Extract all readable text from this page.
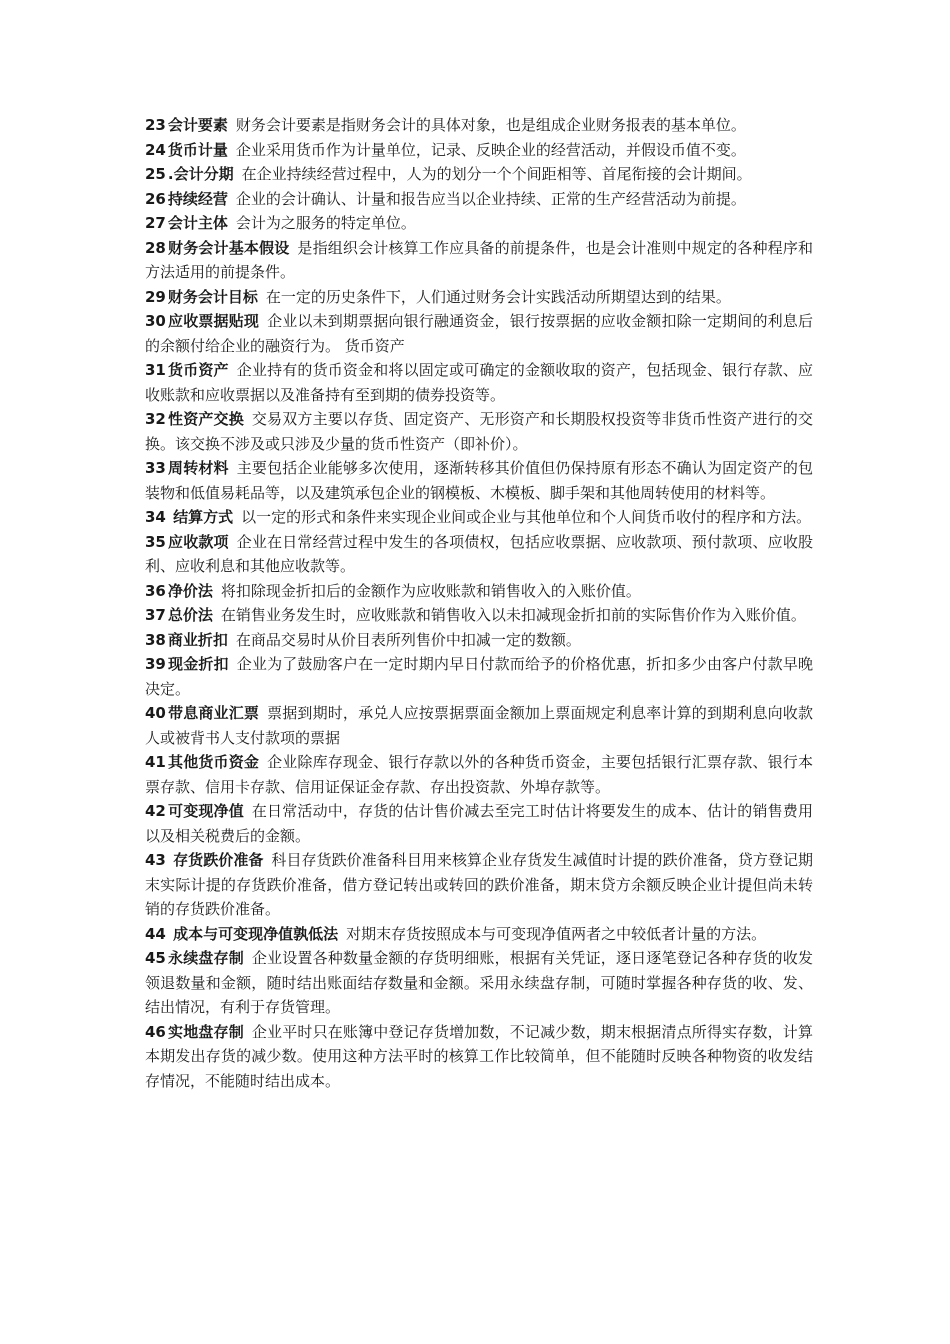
23 会计要素 财务会计要素是指财务会计的具体对象，也是组成企业财务报表的基本单位。

24 货币计量 企业采用货币作为计量单位，记录、反映企业的经营活动，并假设币值不变。

25 .会计分期 在企业持续经营过程中，人为的划分一个个间距相等、首尾衔接的会计期间。

26 持续经营 企业的会计确认、计量和报告应当以企业持续、正常的生产经营活动为前提。

27 会计主体 会计为之服务的特定单位。

28 财务会计基本假设 是指组织会计核算工作应具备的前提条件，也是会计准则中规定的各种程序和方法适用的前提条件。

29 财务会计目标 在一定的历史条件下，人们通过财务会计实践活动所期望达到的结果。

30 应收票据贴现 企业以未到期票据向银行融通资金，银行按票据的应收金额扣除一定期间的利息后的余额付给企业的融资行为。 货币资产

31 货币资产 企业持有的货币资金和将以固定或可确定的金额收取的资产，包括现金、银行存款、应收账款和应收票据以及准备持有至到期的债券投资等。

32 性资产交换 交易双方主要以存货、固定资产、无形资产和长期股权投资等非货币性资产进行的交换。该交换不涉及或只涉及少量的货币性资产（即补价）。

33 周转材料 主要包括企业能够多次使用，逐渐转移其价值但仍保持原有形态不确认为固定资产的包装物和低值易耗品等，以及建筑承包企业的钢模板、木模板、脚手架和其他周转使用的材料等。

34 结算方式 以一定的形式和条件来实现企业间或企业与其他单位和个人间货币收付的程序和方法。

35 应收款项 企业在日常经营过程中发生的各项债权，包括应收票据、应收款项、预付款项、应收股利、应收利息和其他应收款等。

36 净价法 将扣除现金折扣后的金额作为应收账款和销售收入的入账价值。

37 总价法 在销售业务发生时，应收账款和销售收入以未扣减现金折扣前的实际售价作为入账价值。

38 商业折扣 在商品交易时从价目表所列售价中扣减一定的数额。

39 现金折扣 企业为了鼓励客户在一定时期内早日付款而给予的价格优惠，折扣多少由客户付款早晚决定。

40 带息商业汇票 票据到期时，承兑人应按票据票面金额加上票面规定利息率计算的到期利息向收款人或被背书人支付款项的票据

41 其他货币资金 企业除库存现金、银行存款以外的各种货币资金，主要包括银行汇票存款、银行本票存款、信用卡存款、信用证保证金存款、存出投资款、外埠存款等。

42 可变现净值 在日常活动中，存货的估计售价减去至完工时估计将要发生的成本、估计的销售费用以及相关税费后的金额。

43 存货跌价准备 科目存货跌价准备科目用来核算企业存货发生减值时计提的跌价准备，贷方登记期末实际计提的存货跌价准备，借方登记转出或转回的跌价准备，期末贷方余额反映企业计提但尚未转销的存货跌价准备。

44 成本与可变现净值孰低法 对期末存货按照成本与可变现净值两者之中较低者计量的方法。

45 永续盘存制 企业设置各种数量金额的存货明细账，根据有关凭证，逐日逐笔登记各种存货的收发领退数量和金额，随时结出账面结存数量和金额。采用永续盘存制，可随时掌握各种存货的收、发、结出情况，有利于存货管理。

46 实地盘存制 企业平时只在账簿中登记存货增加数，不记减少数，期末根据清点所得实存数，计算本期发出存货的减少数。使用这种方法平时的核算工作比较简单，但不能随时反映各种物资的收发结存情况，不能随时结出成本。
